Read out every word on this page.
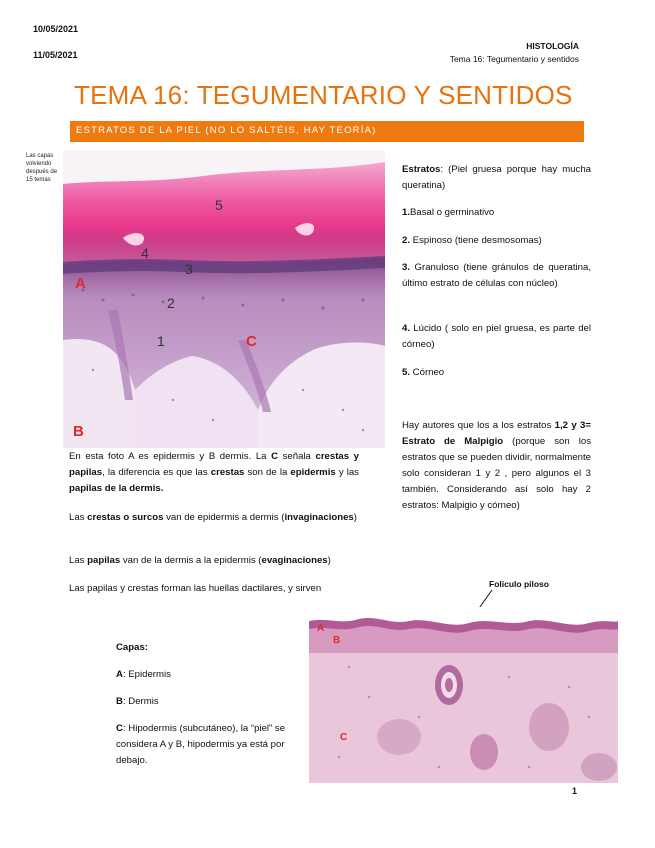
10/05/2021
11/05/2021
HISTOLOGÍA
Tema 16: Tegumentario y sentidos
TEMA 16: TEGUMENTARIO Y SENTIDOS
ESTRATOS DE LA PIEL (NO LO SALTÉIS, HAY TEORÍA)
Las capas volviendo después de 15 temas
5
4
3
2
1
A
C
B
Estratos: (Piel gruesa porque hay mucha queratina)
1.Basal o germinativo
2. Espinoso (tiene desmosomas)
3. Granuloso (tiene gránulos de queratina, último estrato de células con núcleo)
4. Lúcido ( solo en piel gruesa, es parte del córneo)
5. Córneo
Hay autores que los a los estratos 1,2 y 3= Estrato de Malpigio (porque son los estratos que se pueden dividir, normalmente solo consideran 1 y 2 , pero algunos el 3 también. Considerando así solo hay 2 estratos: Malpigio y córneo)
En esta foto A es epidermis y B dermis. La C señala crestas y papilas, la diferencia es que las crestas son de la epidermis y las papilas de la dermis.
Las crestas o surcos van de epidermis a dermis (invaginaciones)
Las papilas van de la dermis a la epidermis (evaginaciones)
Las papilas y crestas forman las huellas dactilares, y sirven
Capas:
A: Epidermis
B: Dermis
C: Hipodermis (subcutáneo), la “piel” se considera A y B, hipodermis ya está por debajo.
Folículo piloso
A
B
C
1
